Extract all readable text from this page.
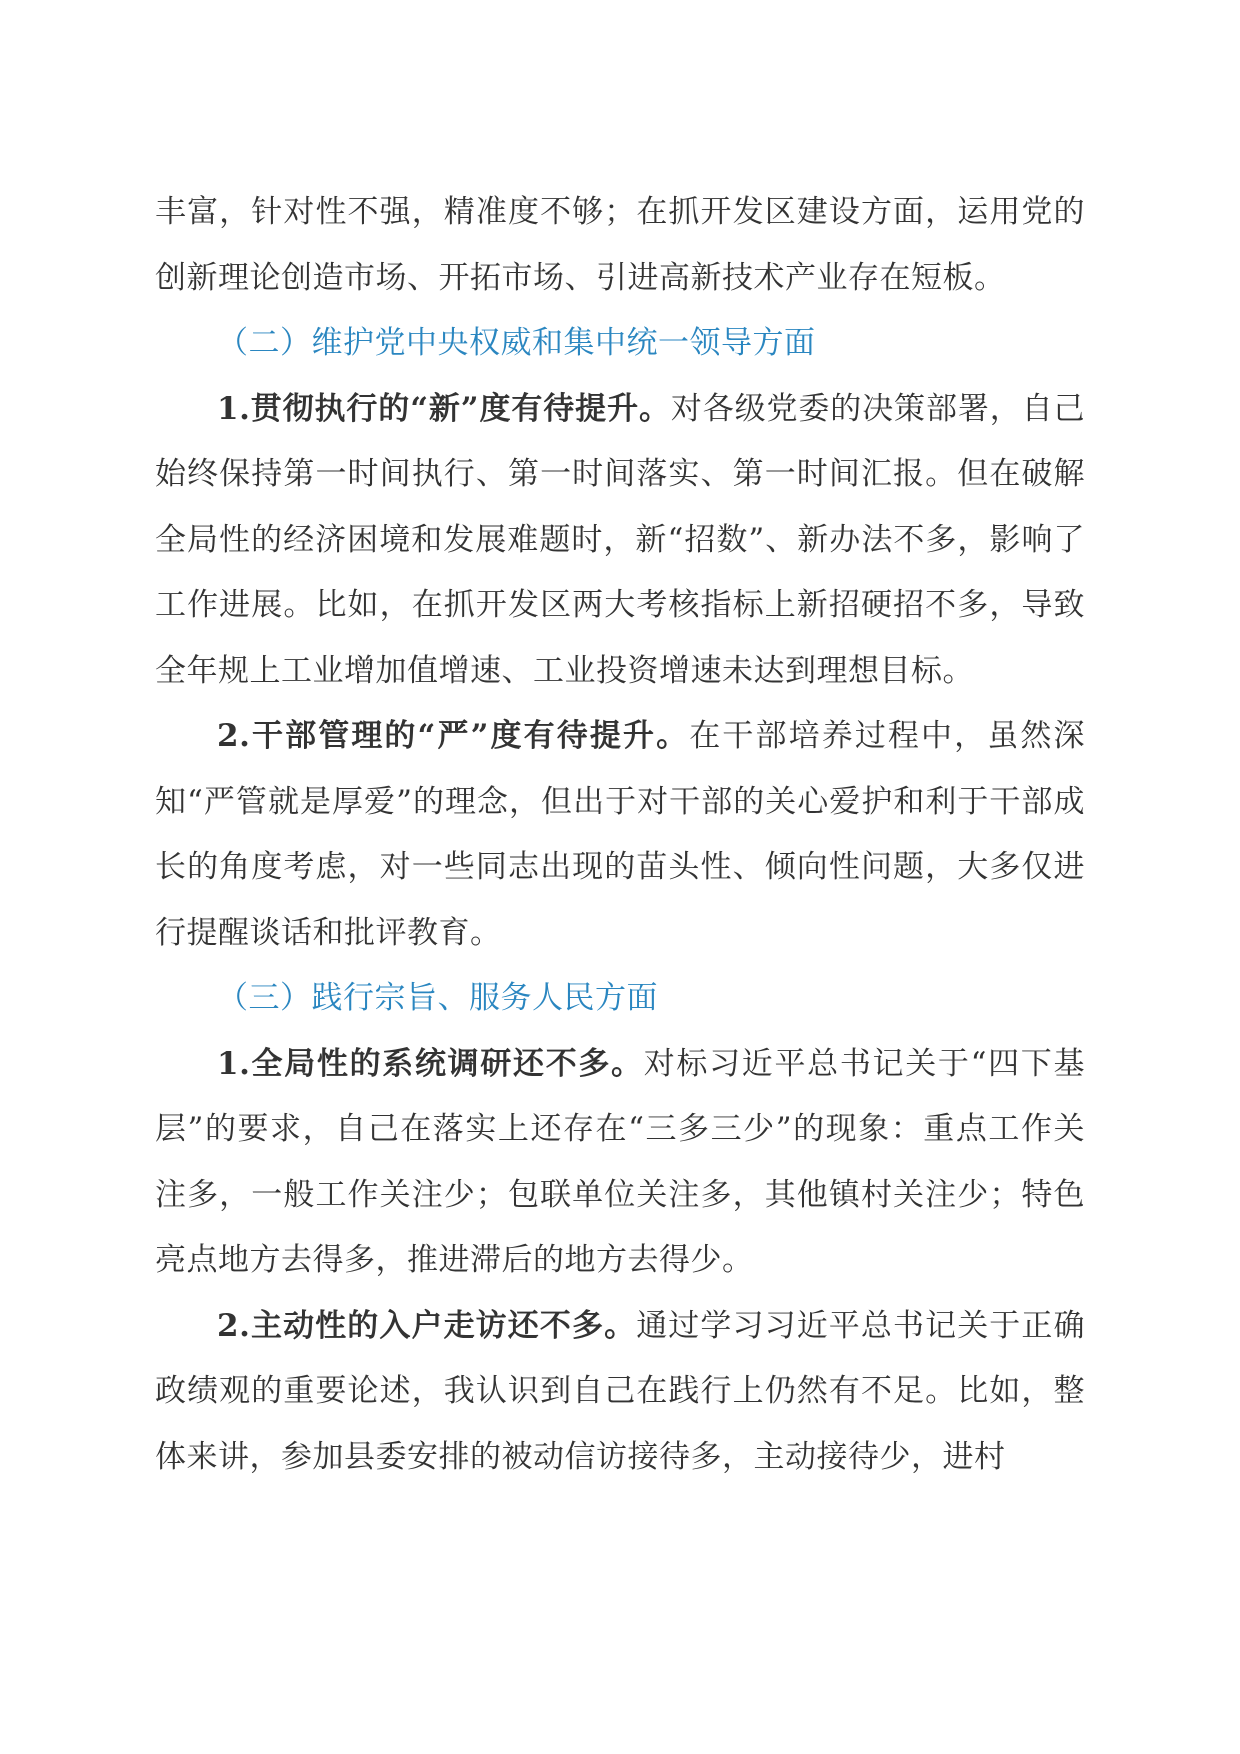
丰富，针对性不强，精准度不够；在抓开发区建设方面，运用党的创新理论创造市场、开拓市场、引进高新技术产业存在短板。

（二）维护党中央权威和集中统一领导方面

1.贯彻执行的“新”度有待提升。对各级党委的决策部署，自己始终保持第一时间执行、第一时间落实、第一时间汇报。但在破解全局性的经济困境和发展难题时，新“招数”、新办法不多，影响了工作进展。比如，在抓开发区两大考核指标上新招硬招不多，导致全年规上工业增加值增速、工业投资增速未达到理想目标。

2.干部管理的“严”度有待提升。在干部培养过程中，虽然深知“严管就是厚爱”的理念，但出于对干部的关心爱护和利于干部成长的角度考虑，对一些同志出现的苗头性、倾向性问题，大多仅进行提醒谈话和批评教育。

（三）践行宗旨、服务人民方面

1.全局性的系统调研还不多。对标习近平总书记关于“四下基层”的要求，自己在落实上还存在“三多三少”的现象：重点工作关注多，一般工作关注少；包联单位关注多，其他镇村关注少；特色亮点地方去得多，推进滞后的地方去得少。

2.主动性的入户走访还不多。通过学习习近平总书记关于正确政绩观的重要论述，我认识到自己在践行上仍然有不足。比如，整体来讲，参加县委安排的被动信访接待多，主动接待少，进村
